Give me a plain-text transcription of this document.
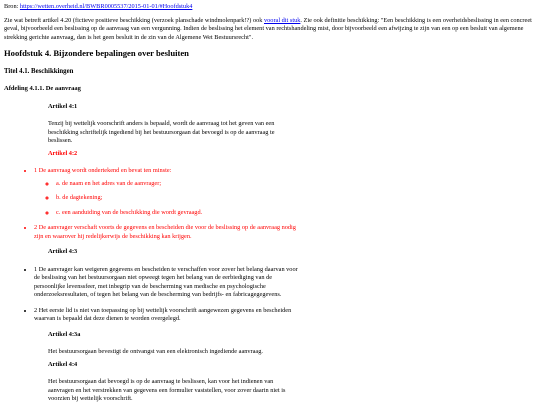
Bron: https://wetten.overheid.nl/BWBR0005537/2015-01-01/#Hoofdstuk4

Zie wat betreft artikel 4.20 (fictieve positieve beschikking (verzoek planschade windmolenpark!?) ook vooral dit stuk. Zie ook definitie beschikking: "Een beschikking is een overheidsbeslissing in een concreet geval, bijvoorbeeld een beslissing op de aanvraag van een vergunning. Indien de beslissing het element van rechtshandeling mist, door bijvoorbeeld een afwijzing te zijn van een op een besluit van algemene strekking gerichte aanvraag, dan is het geen besluit in de zin van de Algemene Wet Bestuursrecht".

Hoofdstuk 4. Bijzondere bepalingen over besluiten
Titel 4.1. Beschikkingen
Afdeling 4.1.1. De aanvraag

Artikel 4:1

Tenzij bij wettelijk voorschrift anders is bepaald, wordt de aanvraag tot het geven van een beschikking schriftelijk ingediend bij het bestuursorgaan dat bevoegd is op de aanvraag te beslissen.

Artikel 4:2

• 1 De aanvraag wordt ondertekend en bevat ten minste:
◦ a. de naam en het adres van de aanvrager;
◦ b. de dagtekening;
◦ c. een aanduiding van de beschikking die wordt gevraagd.
• 2 De aanvrager verschaft voorts de gegevens en bescheiden die voor de beslissing op de aanvraag nodig zijn en waarover hij redelijkerwijs de beschikking kan krijgen.

Artikel 4:3

• 1 De aanvrager kan weigeren gegevens en bescheiden te verschaffen voor zover het belang daarvan voor de beslissing van het bestuursorgaan niet opweegt tegen het belang van de eerbiediging van de persoonlijke levenssfeer, met inbegrip van de bescherming van medische en psychologische onderzoeksresultaten, of tegen het belang van de bescherming van bedrijfs- en fabricagegegevens.
• 2 Het eerste lid is niet van toepassing op bij wettelijk voorschrift aangewezen gegevens en bescheiden waarvan is bepaald dat deze dienen te worden overgelegd.

Artikel 4:3a

Het bestuursorgaan bevestigt de ontvangst van een elektronisch ingediende aanvraag.

Artikel 4:4

Het bestuursorgaan dat bevoegd is op de aanvraag te beslissen, kan voor het indienen van aanvragen en het verstrekken van gegevens een formulier vaststellen, voor zover daarin niet is voorzien bij wettelijk voorschrift.
